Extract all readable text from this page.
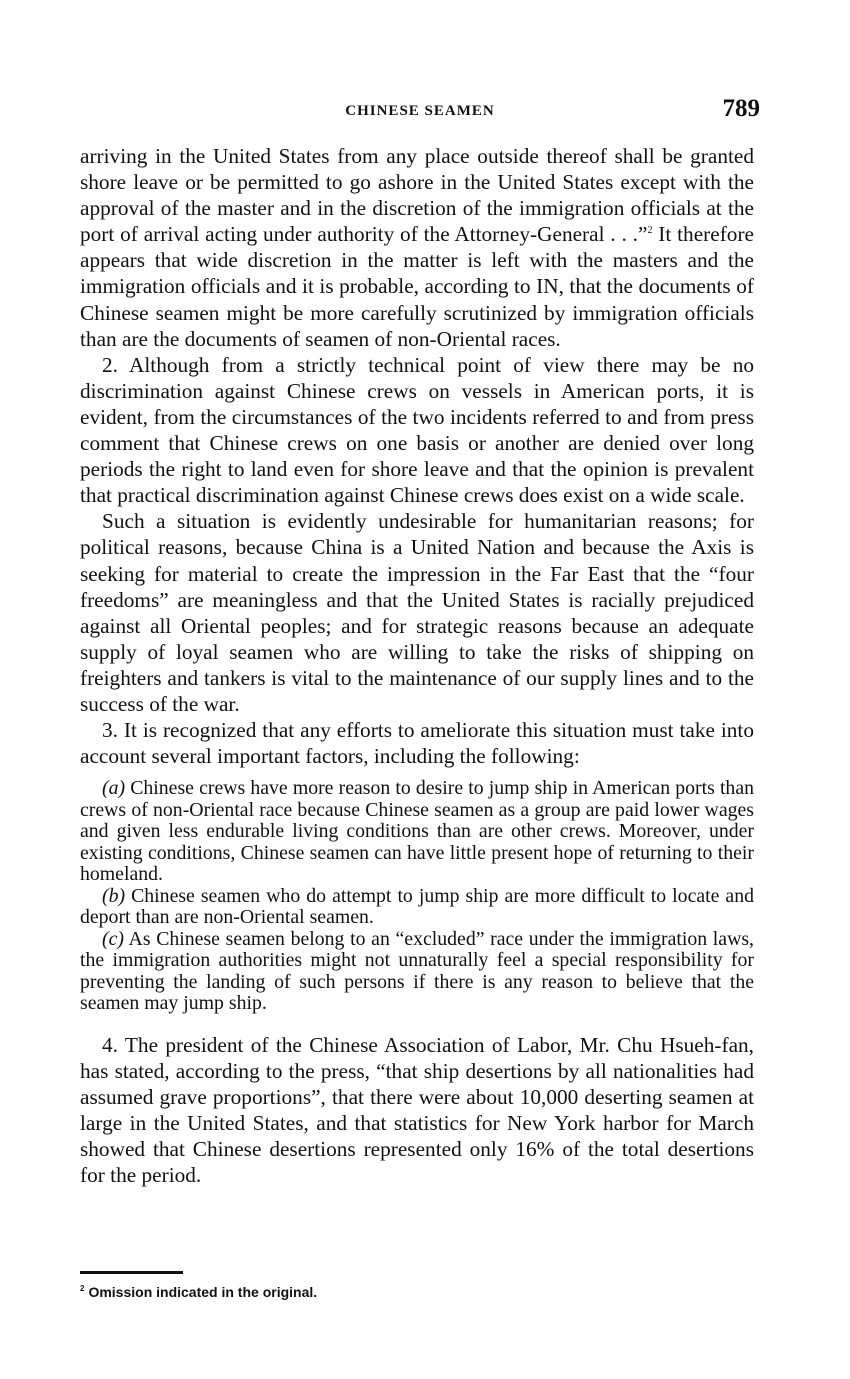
CHINESE SEAMEN	789

arriving in the United States from any place outside thereof shall be granted shore leave or be permitted to go ashore in the United States except with the approval of the master and in the discretion of the immigration officials at the port of arrival acting under authority of the Attorney-General . . .”$^2$ It therefore appears that wide discretion in the matter is left with the masters and the immigration officials and it is probable, according to IN, that the documents of Chinese seamen might be more carefully scrutinized by immigration officials than are the documents of seamen of non-Oriental races.

2. Although from a strictly technical point of view there may be no discrimination against Chinese crews on vessels in American ports, it is evident, from the circumstances of the two incidents referred to and from press comment that Chinese crews on one basis or another are denied over long periods the right to land even for shore leave and that the opinion is prevalent that practical discrimination against Chinese crews does exist on a wide scale.

Such a situation is evidently undesirable for humanitarian reasons; for political reasons, because China is a United Nation and because the Axis is seeking for material to create the impression in the Far East that the “four freedoms” are meaningless and that the United States is racially prejudiced against all Oriental peoples; and for strategic reasons because an adequate supply of loyal seamen who are willing to take the risks of shipping on freighters and tankers is vital to the maintenance of our supply lines and to the success of the war.

3. It is recognized that any efforts to ameliorate this situation must take into account several important factors, including the following:

(a) Chinese crews have more reason to desire to jump ship in American ports than crews of non-Oriental race because Chinese seamen as a group are paid lower wages and given less endurable living conditions than are other crews. Moreover, under existing conditions, Chinese seamen can have little present hope of returning to their homeland.

(b) Chinese seamen who do attempt to jump ship are more difficult to locate and deport than are non-Oriental seamen.

(c) As Chinese seamen belong to an “excluded” race under the immigration laws, the immigration authorities might not unnaturally feel a special responsibility for preventing the landing of such persons if there is any reason to believe that the seamen may jump ship.

4. The president of the Chinese Association of Labor, Mr. Chu Hsueh-fan, has stated, according to the press, “that ship desertions by all nationalities had assumed grave proportions”, that there were about 10,000 deserting seamen at large in the United States, and that statistics for New York harbor for March showed that Chinese desertions represented only 16% of the total desertions for the period.

$^2$ Omission indicated in the original.
